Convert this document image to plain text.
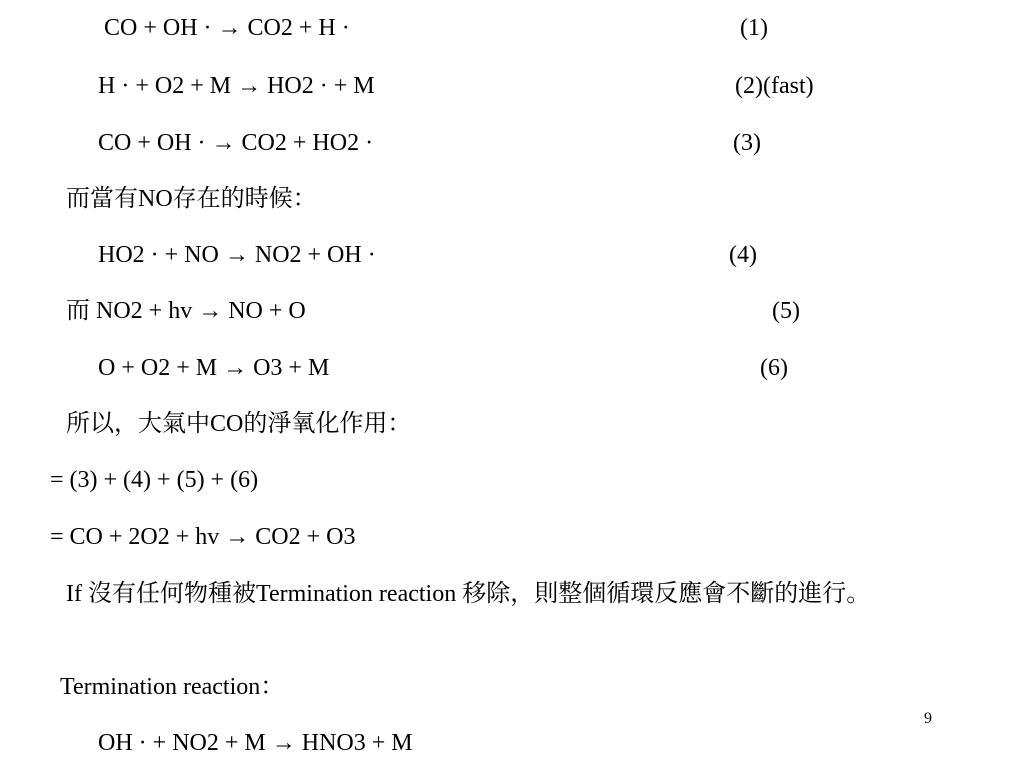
CO + OH · → CO2 + H ·	(1)
H · + O2 + M → HO2 · + M	(2)(fast)
CO + OH · → CO2 + HO2 ·	(3)
而當有NO存在的時候：
HO2 · + NO → NO2 + OH ·	(4)
而 NO2 + hv → NO + O	(5)
O + O2 + M → O3 + M	(6)
所以，大氣中CO的淨氧化作用：
= (3) + (4) + (5) + (6)
= CO + 2O2 + hv → CO2 + O3
If 沒有任何物種被Termination reaction 移除，則整個循環反應會不斷的進行。
Termination reaction：
9
OH · + NO2 + M → HNO3 + M
